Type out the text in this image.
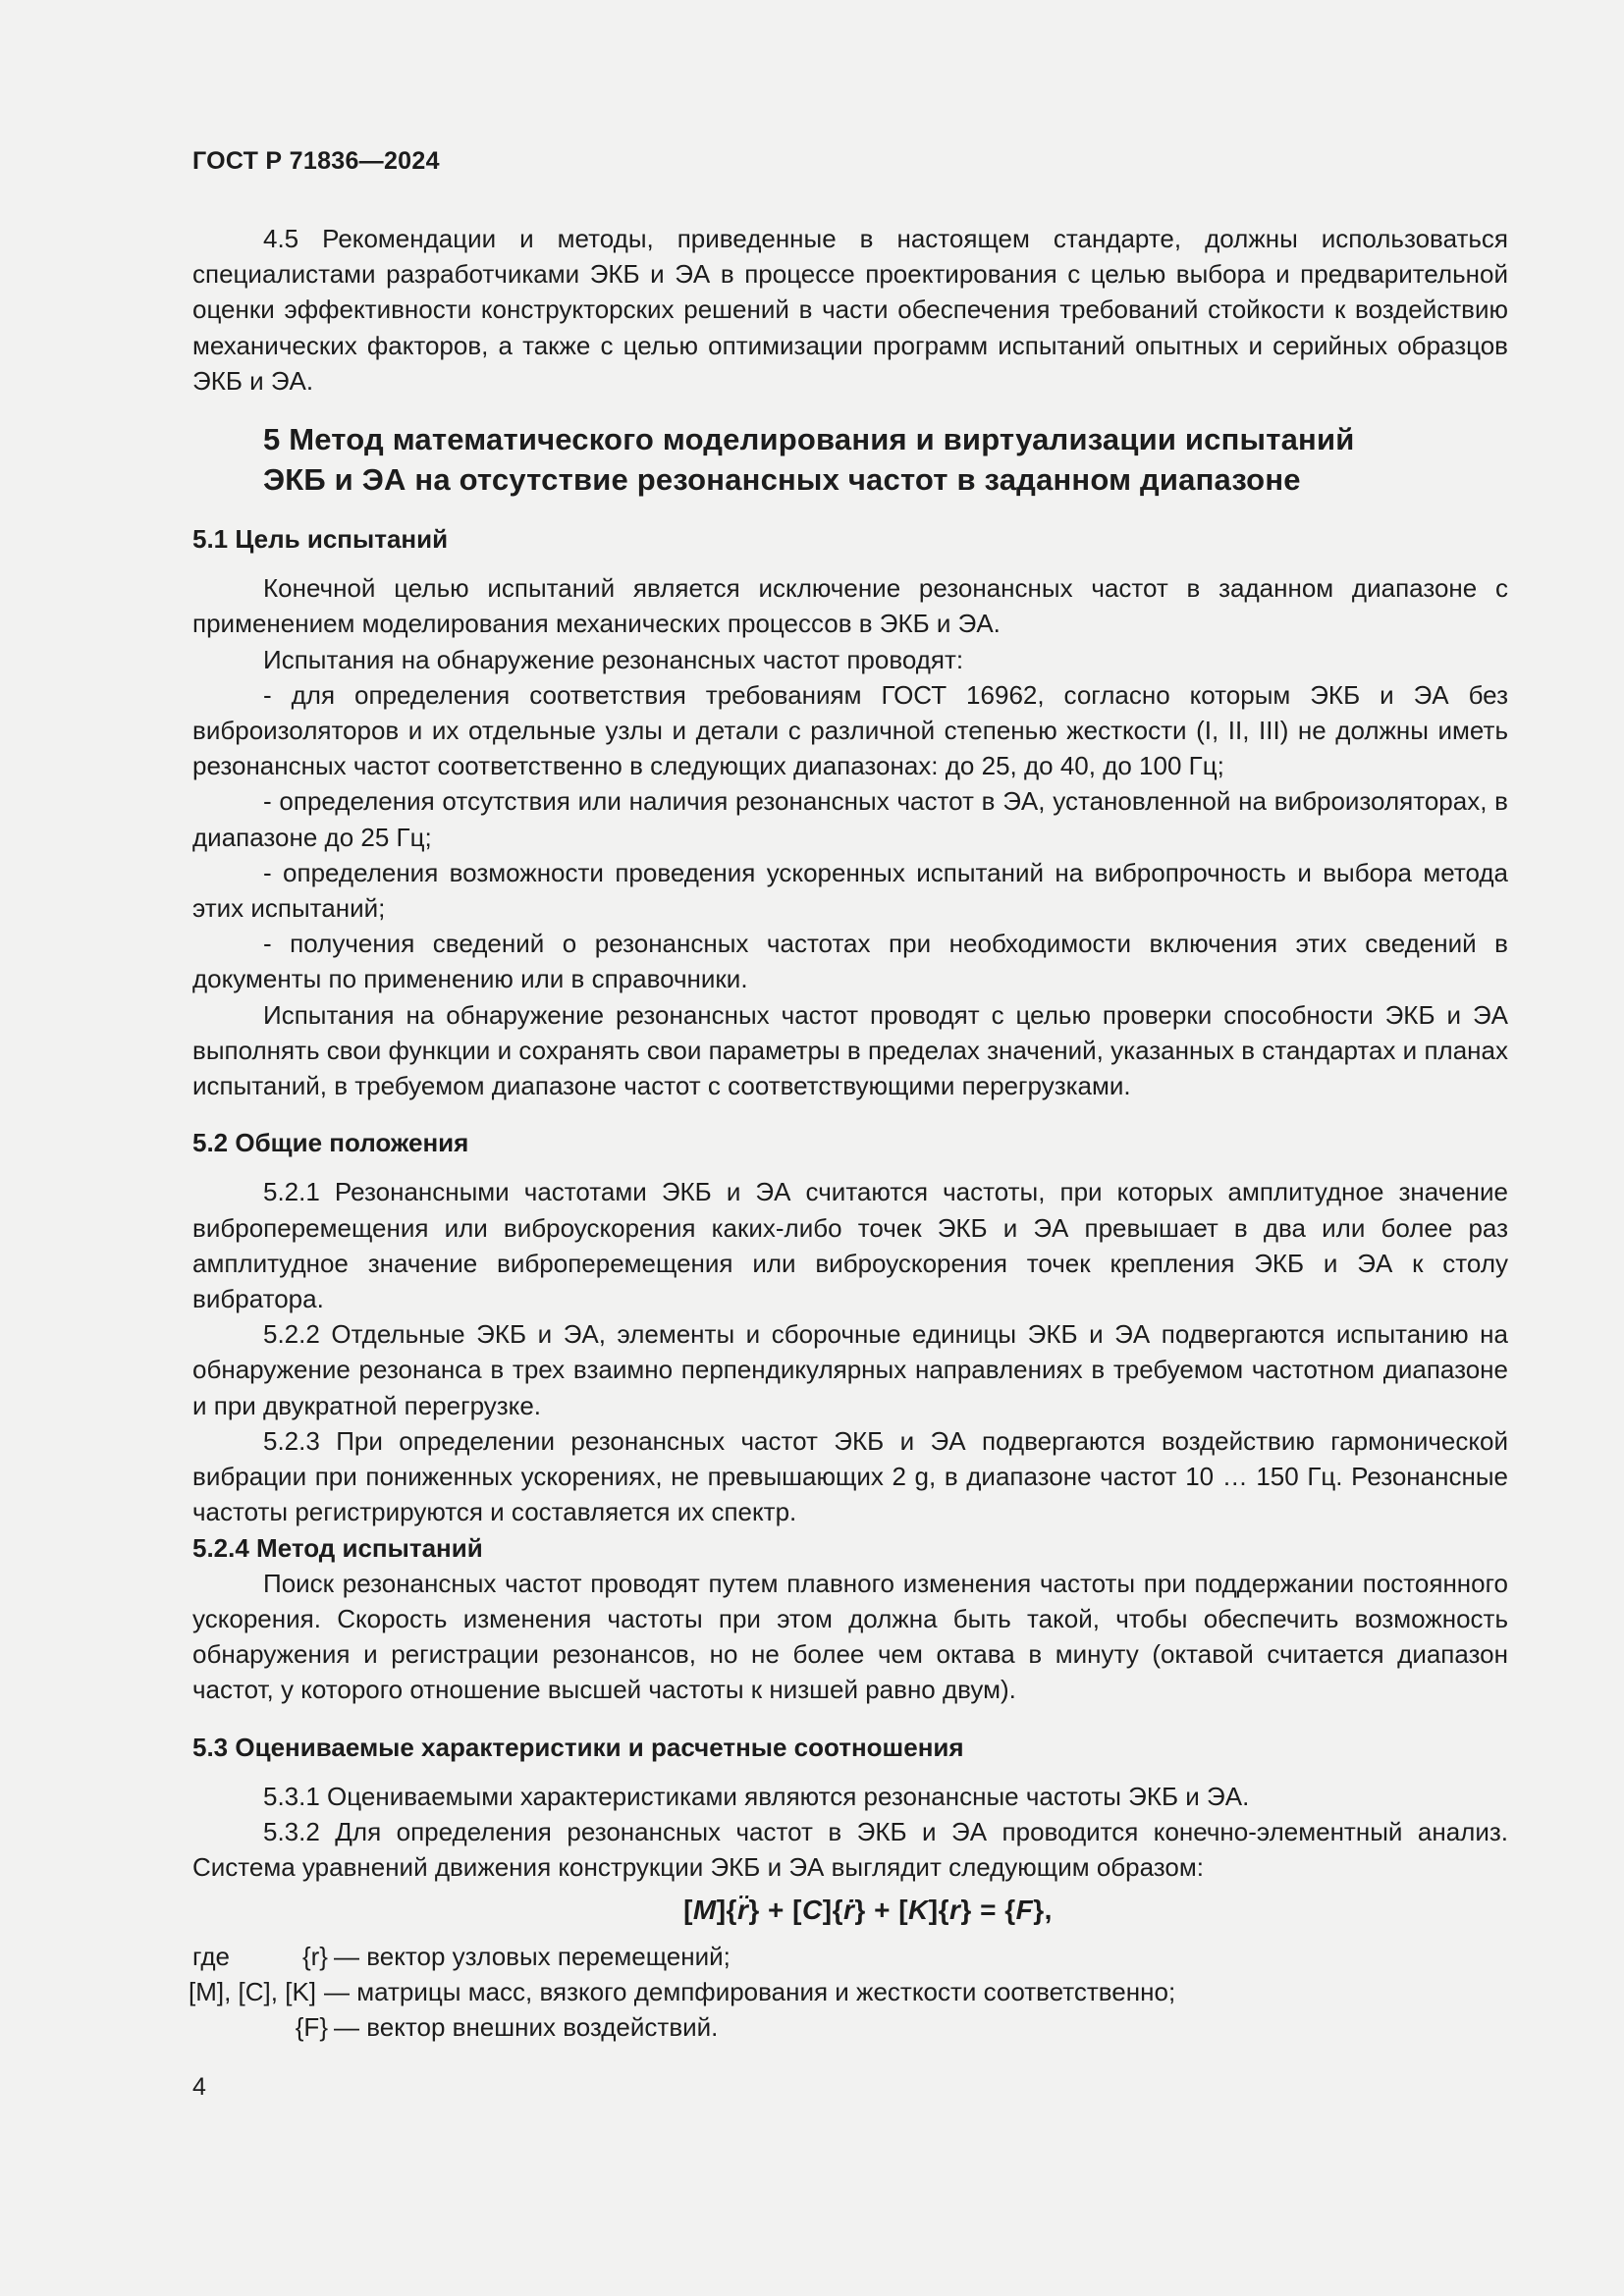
ГОСТ Р 71836—2024

4.5 Рекомендации и методы, приведенные в настоящем стандарте, должны использоваться специалистами разработчиками ЭКБ и ЭА в процессе проектирования с целью выбора и предварительной оценки эффективности конструкторских решений в части обеспечения требований стойкости к воздействию механических факторов, а также с целью оптимизации программ испытаний опытных и серийных образцов ЭКБ и ЭА.

5 Метод математического моделирования и виртуализации испытаний
ЭКБ и ЭА на отсутствие резонансных частот в заданном диапазоне

5.1 Цель испытаний

Конечной целью испытаний является исключение резонансных частот в заданном диапазоне с применением моделирования механических процессов в ЭКБ и ЭА.

Испытания на обнаружение резонансных частот проводят:

- для определения соответствия требованиям ГОСТ 16962, согласно которым ЭКБ и ЭА без виброизоляторов и их отдельные узлы и детали с различной степенью жесткости (I, II, III) не должны иметь резонансных частот соответственно в следующих диапазонах: до 25, до 40, до 100 Гц;

- определения отсутствия или наличия резонансных частот в ЭА, установленной на виброизоляторах, в диапазоне до 25 Гц;

- определения возможности проведения ускоренных испытаний на вибропрочность и выбора метода этих испытаний;

- получения сведений о резонансных частотах при необходимости включения этих сведений в документы по применению или в справочники.

Испытания на обнаружение резонансных частот проводят с целью проверки способности ЭКБ и ЭА выполнять свои функции и сохранять свои параметры в пределах значений, указанных в стандартах и планах испытаний, в требуемом диапазоне частот с соответствующими перегрузками.

5.2 Общие положения

5.2.1 Резонансными частотами ЭКБ и ЭА считаются частоты, при которых амплитудное значение виброперемещения или виброускорения каких-либо точек ЭКБ и ЭА превышает в два или более раз амплитудное значение виброперемещения или виброускорения точек крепления ЭКБ и ЭА к столу вибратора.

5.2.2 Отдельные ЭКБ и ЭА, элементы и сборочные единицы ЭКБ и ЭА подвергаются испытанию на обнаружение резонанса в трех взаимно перпендикулярных направлениях в требуемом частотном диапазоне и при двукратной перегрузке.

5.2.3 При определении резонансных частот ЭКБ и ЭА подвергаются воздействию гармонической вибрации при пониженных ускорениях, не превышающих 2 g, в диапазоне частот 10 … 150 Гц. Резонансные частоты регистрируются и составляется их спектр.

5.2.4 Метод испытаний

Поиск резонансных частот проводят путем плавного изменения частоты при поддержании постоянного ускорения. Скорость изменения частоты при этом должна быть такой, чтобы обеспечить возможность обнаружения и регистрации резонансов, но не более чем октава в минуту (октавой считается диапазон частот, у которого отношение высшей частоты к низшей равно двум).

5.3 Оцениваемые характеристики и расчетные соотношения

5.3.1 Оцениваемыми характеристиками являются резонансные частоты ЭКБ и ЭА.

5.3.2 Для определения резонансных частот в ЭКБ и ЭА проводится конечно-элементный анализ. Система уравнений движения конструкции ЭКБ и ЭА выглядит следующим образом:

[M]{r̈} + [C]{ṙ} + [K]{r} = {F},
где	{r} — вектор узловых перемещений;
[M], [C], [K] — матрицы масс, вязкого демпфирования и жесткости соответственно;
{F} — вектор внешних воздействий.
4
